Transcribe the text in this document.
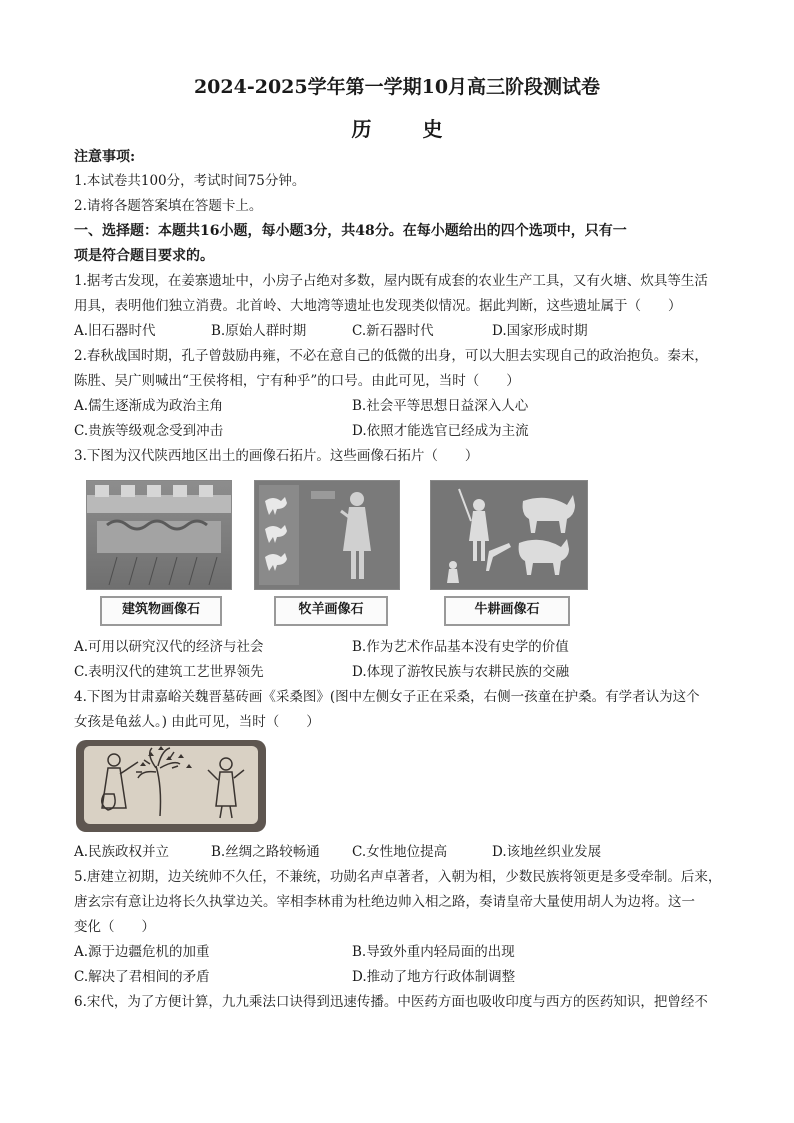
2024-2025学年第一学期10月高三阶段测试卷
历 史
注意事项:
1.本试卷共100分，考试时间75分钟。
2.请将各题答案填在答题卡上。
一、选择题：本题共16小题，每小题3分，共48分。在每小题给出的四个选项中，只有一
项是符合题目要求的。
1.据考古发现，在姜寨遗址中，小房子占绝对多数，屋内既有成套的农业生产工具，又有火塘、炊具等生活
用具，表明他们独立消费。北首岭、大地湾等遗址也发现类似情况。据此判断，这些遗址属于（　　）
A.旧石器时代	B.原始人群时期	C.新石器时代	D.国家形成时期
2.春秋战国时期，孔子曾鼓励冉雍，不必在意自己的低微的出身，可以大胆去实现自己的政治抱负。秦末，
陈胜、吴广则喊出“王侯将相，宁有种乎”的口号。由此可见，当时（　　）
A.儒生逐渐成为政治主角	B.社会平等思想日益深入人心
C.贵族等级观念受到冲击	D.依照才能选官已经成为主流
3.下图为汉代陕西地区出土的画像石拓片。这些画像石拓片（　　）
建筑物画像石	牧羊画像石	牛耕画像石
A.可用以研究汉代的经济与社会	B.作为艺术作品基本没有史学的价值
C.表明汉代的建筑工艺世界领先	D.体现了游牧民族与农耕民族的交融
4.下图为甘肃嘉峪关魏晋墓砖画《采桑图》(图中左侧女子正在采桑，右侧一孩童在护桑。有学者认为这个
女孩是龟兹人。) 由此可见，当时（　　）
A.民族政权并立	B.丝绸之路较畅通 C.女性地位提高	D.该地丝织业发展
5.唐建立初期，边关统帅不久任，不兼统，功勋名声卓著者，入朝为相，少数民族将领更是多受牵制。后来，
唐玄宗有意让边将长久执掌边关。宰相李林甫为杜绝边帅入相之路，奏请皇帝大量使用胡人为边将。这一
变化（　　）
A.源于边疆危机的加重	B.导致外重内轻局面的出现
C.解决了君相间的矛盾	D.推动了地方行政体制调整
6.宋代，为了方便计算，九九乘法口诀得到迅速传播。中医药方面也吸收印度与西方的医药知识，把曾经不
